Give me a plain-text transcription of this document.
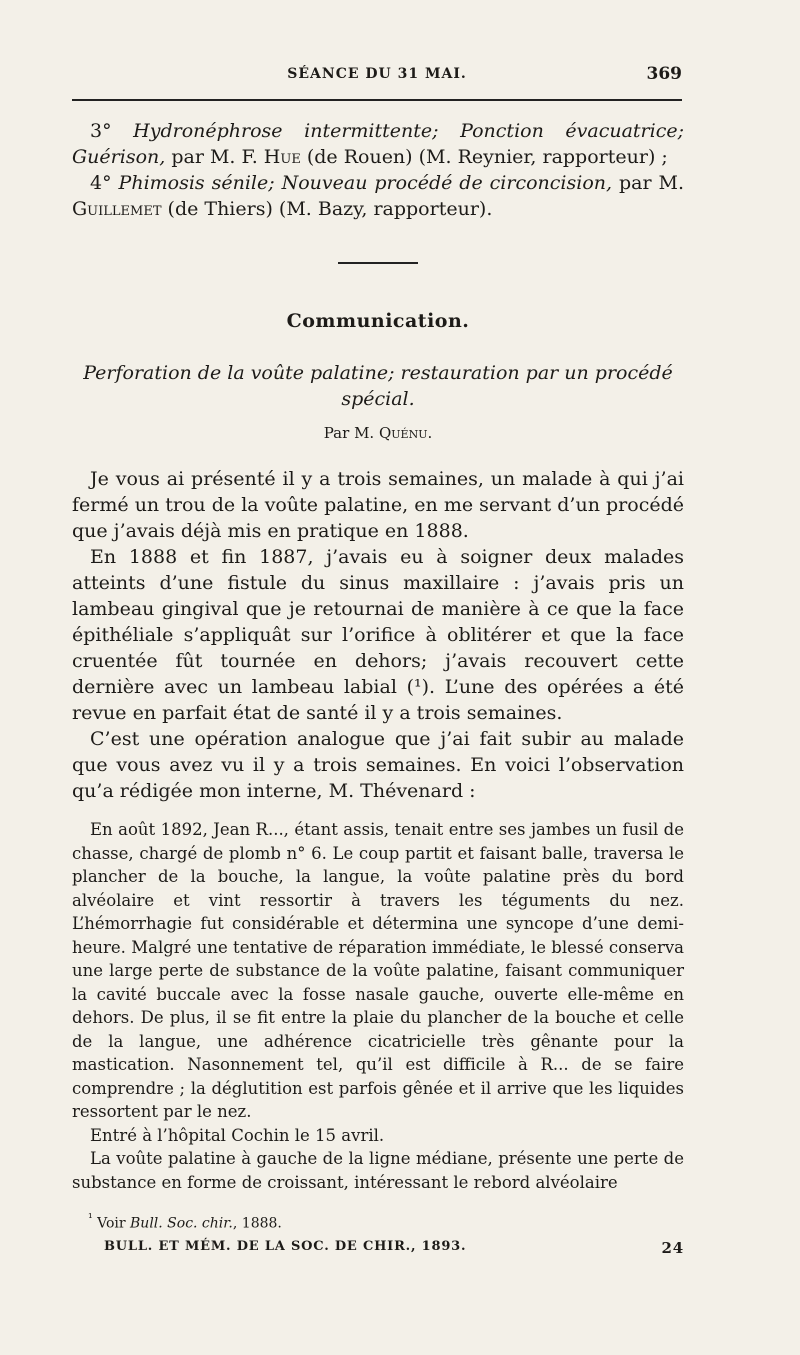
SÉANCE DU 31 MAI.	369

3° Hydronéphrose intermittente; Ponction évacuatrice; Guérison, par M. F. Hue (de Rouen) (M. Reynier, rapporteur) ;

4° Phimosis sénile; Nouveau procédé de circoncision, par M. Guillemet (de Thiers) (M. Bazy, rapporteur).

Communication.
Perforation de la voûte palatine; restauration par un procédé spécial.
Par M. Quénu.

Je vous ai présenté il y a trois semaines, un malade à qui j’ai fermé un trou de la voûte palatine, en me servant d’un procédé que j’avais déjà mis en pratique en 1888.

En 1888 et fin 1887, j’avais eu à soigner deux malades atteints d’une fistule du sinus maxillaire : j’avais pris un lambeau gingival que je retournai de manière à ce que la face épithéliale s’appliquât sur l’orifice à oblitérer et que la face cruentée fût tournée en dehors; j’avais recouvert cette dernière avec un lambeau labial (¹). L’une des opérées a été revue en parfait état de santé il y a trois semaines.

C’est une opération analogue que j’ai fait subir au malade que vous avez vu il y a trois semaines. En voici l’observation qu’a rédigée mon interne, M. Thévenard :

En août 1892, Jean R..., étant assis, tenait entre ses jambes un fusil de chasse, chargé de plomb n° 6. Le coup partit et faisant balle, traversa le plancher de la bouche, la langue, la voûte palatine près du bord alvéolaire et vint ressortir à travers les téguments du nez. L’hémorrhagie fut considérable et détermina une syncope d’une demi-heure. Malgré une tentative de réparation immédiate, le blessé conserva une large perte de substance de la voûte palatine, faisant communiquer la cavité buccale avec la fosse nasale gauche, ouverte elle-même en dehors. De plus, il se fit entre la plaie du plancher de la bouche et celle de la langue, une adhérence cicatricielle très gênante pour la mastication. Nasonnement tel, qu’il est difficile à R... de se faire comprendre ; la déglutition est parfois gênée et il arrive que les liquides ressortent par le nez.

Entré à l’hôpital Cochin le 15 avril.

La voûte palatine à gauche de la ligne médiane, présente une perte de substance en forme de croissant, intéressant le rebord alvéolaire

$^{^1}$ Voir Bull. Soc. chir., 1888.
BULL. ET MÉM. DE LA SOC. DE CHIR., 1893.	24
